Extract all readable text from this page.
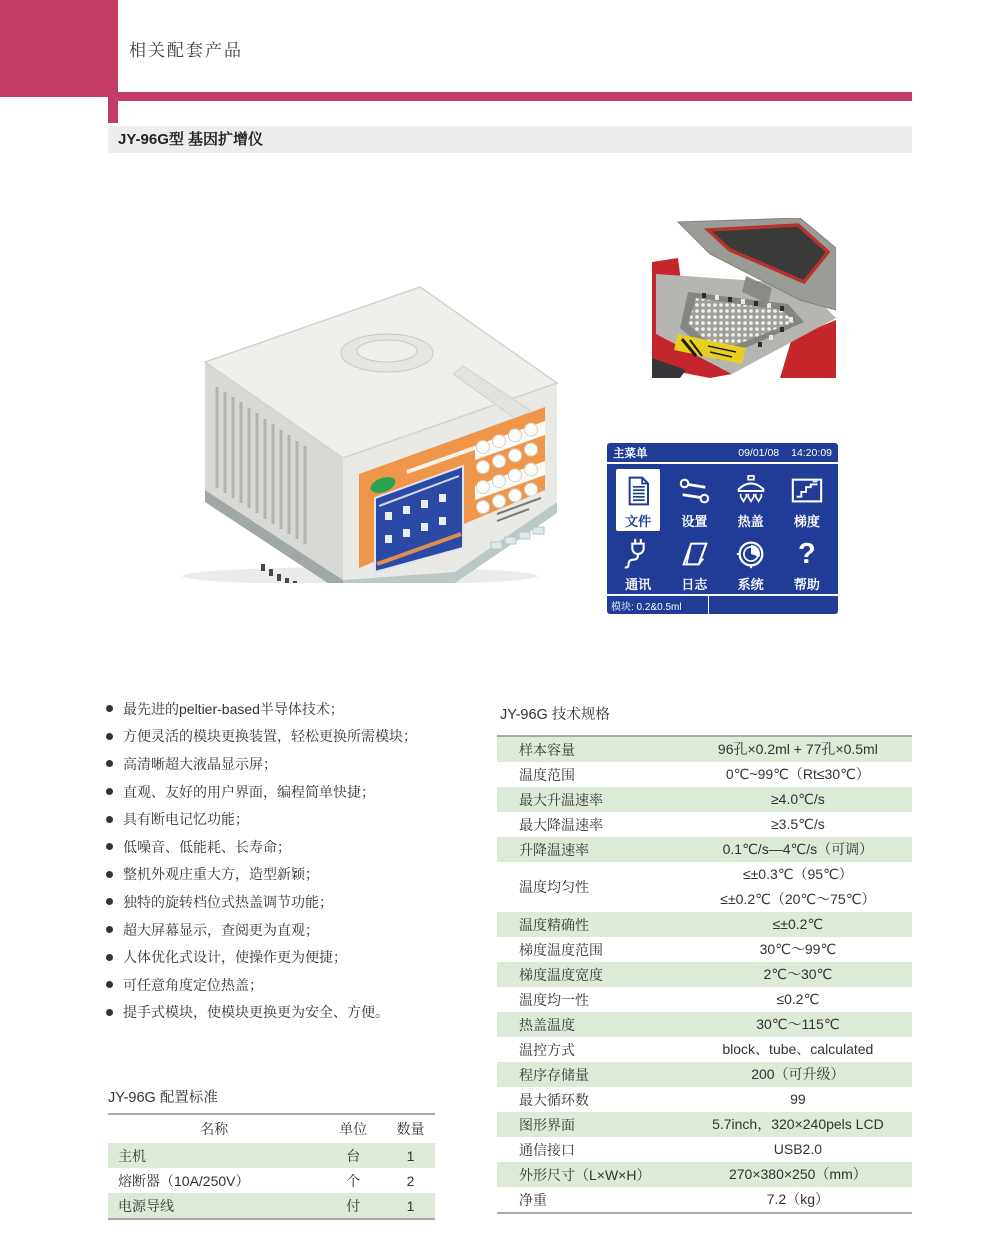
相关配套产品
JY-96G型 基因扩增仪
主菜单	09/01/08 14:20:09
文件 设置 热盖 梯度
通讯 日志 系统
?
帮助
模块: 0.2&0.5ml
最先进的peltier-based半导体技术；
方便灵活的模块更换装置，轻松更换所需模块；
高清晰超大液晶显示屏；
直观、友好的用户界面，编程简单快捷；
具有断电记忆功能；
低噪音、低能耗、长寿命；
整机外观庄重大方，造型新颖；
独特的旋转档位式热盖调节功能；
超大屏幕显示，查阅更为直观；
人体优化式设计，使操作更为便捷；
可任意角度定位热盖；
提手式模块，使模块更换更为安全、方便。
JY-96G 技术规格
样本容量	96孔×0.2ml + 77孔×0.5ml
温度范围	0℃~99℃（Rt≤30℃）
最大升温速率	≥4.0℃/s
最大降温速率	≥3.5℃/s
升降温速率	0.1℃/s—4℃/s（可调）
温度均匀性
≤±0.3℃（95℃）
≤±0.2℃（20℃～75℃）
温度精确性	≤±0.2℃
梯度温度范围	30℃～99℃
梯度温度宽度	2℃～30℃
温度均一性	≤0.2℃
热盖温度	30℃～115℃
温控方式	block、tube、calculated
程序存储量	200（可升级）
最大循环数	99
图形界面	5.7inch，320×240pels LCD
通信接口	USB2.0
外形尺寸（L×W×H）	270×380×250（mm）
净重	7.2（kg）
JY-96G 配置标准
名称	单位	数量
主机	台	1
熔断器（10A/250V）	个	2
电源导线	付	1
